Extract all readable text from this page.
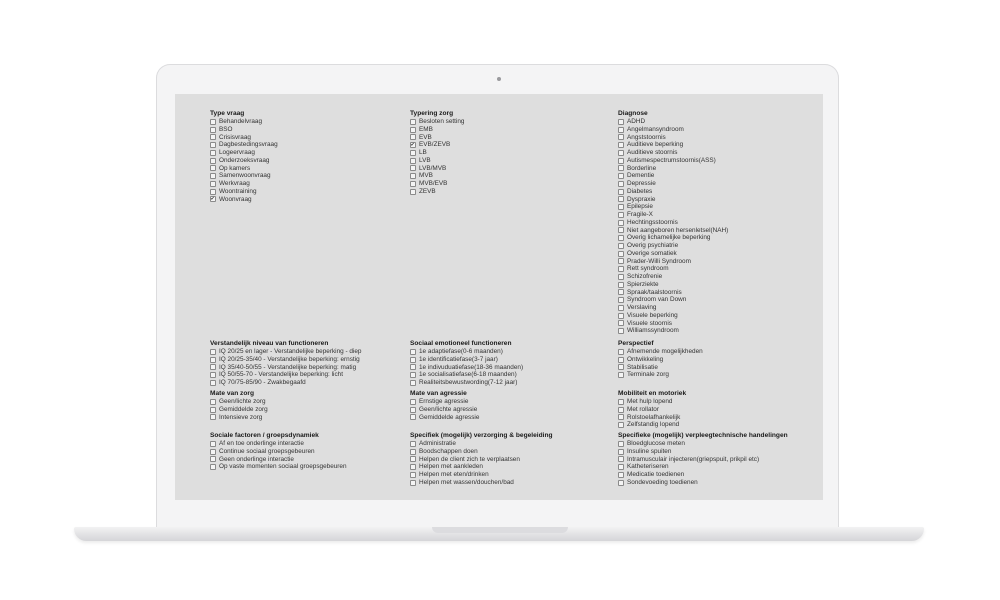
Type vraag
Behandelvraag
BSO
Crisisvraag
Dagbestedingsvraag
Logeervraag
Onderzoeksvraag
Op kamers
Samenwoonvraag
Werkvraag
Woontraining
✔
Woonvraag
Typering zorg
Besloten setting
EMB
EVB
✔
EVB/ZEVB
LB
LVB
LVB/MVB
MVB
MVB/EVB
ZEVB
Diagnose
ADHD
Angelmansyndroom
Angststoornis
Auditieve beperking
Auditieve stoornis
Autismespectrumstoornis(ASS)
Borderline
Dementie
Depressie
Diabetes
Dyspraxie
Epilepsie
Fragile-X
Hechtingsstoornis
Niet aangeboren hersenletsel(NAH)
Overig lichamelijke beperking
Overig psychiatrie
Overige somatiek
Prader-Willi Syndroom
Rett syndroom
Schizofrenie
Spierziekte
Spraak/taalstoornis
Syndroom van Down
Verslaving
Visuele beperking
Visuele stoornis
Williamssyndroom
Verstandelijk niveau van functioneren
IQ 20/25 en lager - Verstandelijke beperking - diep
IQ 20/25-35/40 - Verstandelijke beperking: ernstig
IQ 35/40-50/55 - Verstandelijke beperking: matig
IQ 50/55-70 - Verstandelijke beperking: licht
IQ 70/75-85/90 - Zwakbegaafd
Sociaal emotioneel functioneren
1e adaptiefase(0-6 maanden)
1e identificatiefase(3-7 jaar)
1e indivuduatiefase(18-36 maanden)
1e socialisatiefase(6-18 maanden)
Realiteitsbewustwording(7-12 jaar)
Perspectief
Afnemende mogelijkheden
Ontwikkeling
Stabilisatie
Terminale zorg
Mate van zorg
Geen/lichte zorg
Gemiddelde zorg
Intensieve zorg
Mate van agressie
Ernstige agressie
Geen/lichte agressie
Gemiddelde agressie
Mobiliteit en motoriek
Met hulp lopend
Met rollator
Rolstoelafhankelijk
Zelfstandig lopend
Sociale factoren / groepsdynamiek
Af en toe onderlinge interactie
Continue sociaal groepsgebeuren
Geen onderlinge interactie
Op vaste momenten sociaal groepsgebeuren
Specifiek (mogelijk) verzorging & begeleiding
Administratie
Boodschappen doen
Helpen de client zich te verplaatsen
Helpen met aankleden
Helpen met eten/drinken
Helpen met wassen/douchen/bad
Specifieke (mogelijk) verpleegtechnische handelingen
Bloedglucose meten
Insuline spuiten
Intramusculair injecteren(griepspuit, prikpil etc)
Katheteriseren
Medicatie toedienen
Sondevoeding toedienen
